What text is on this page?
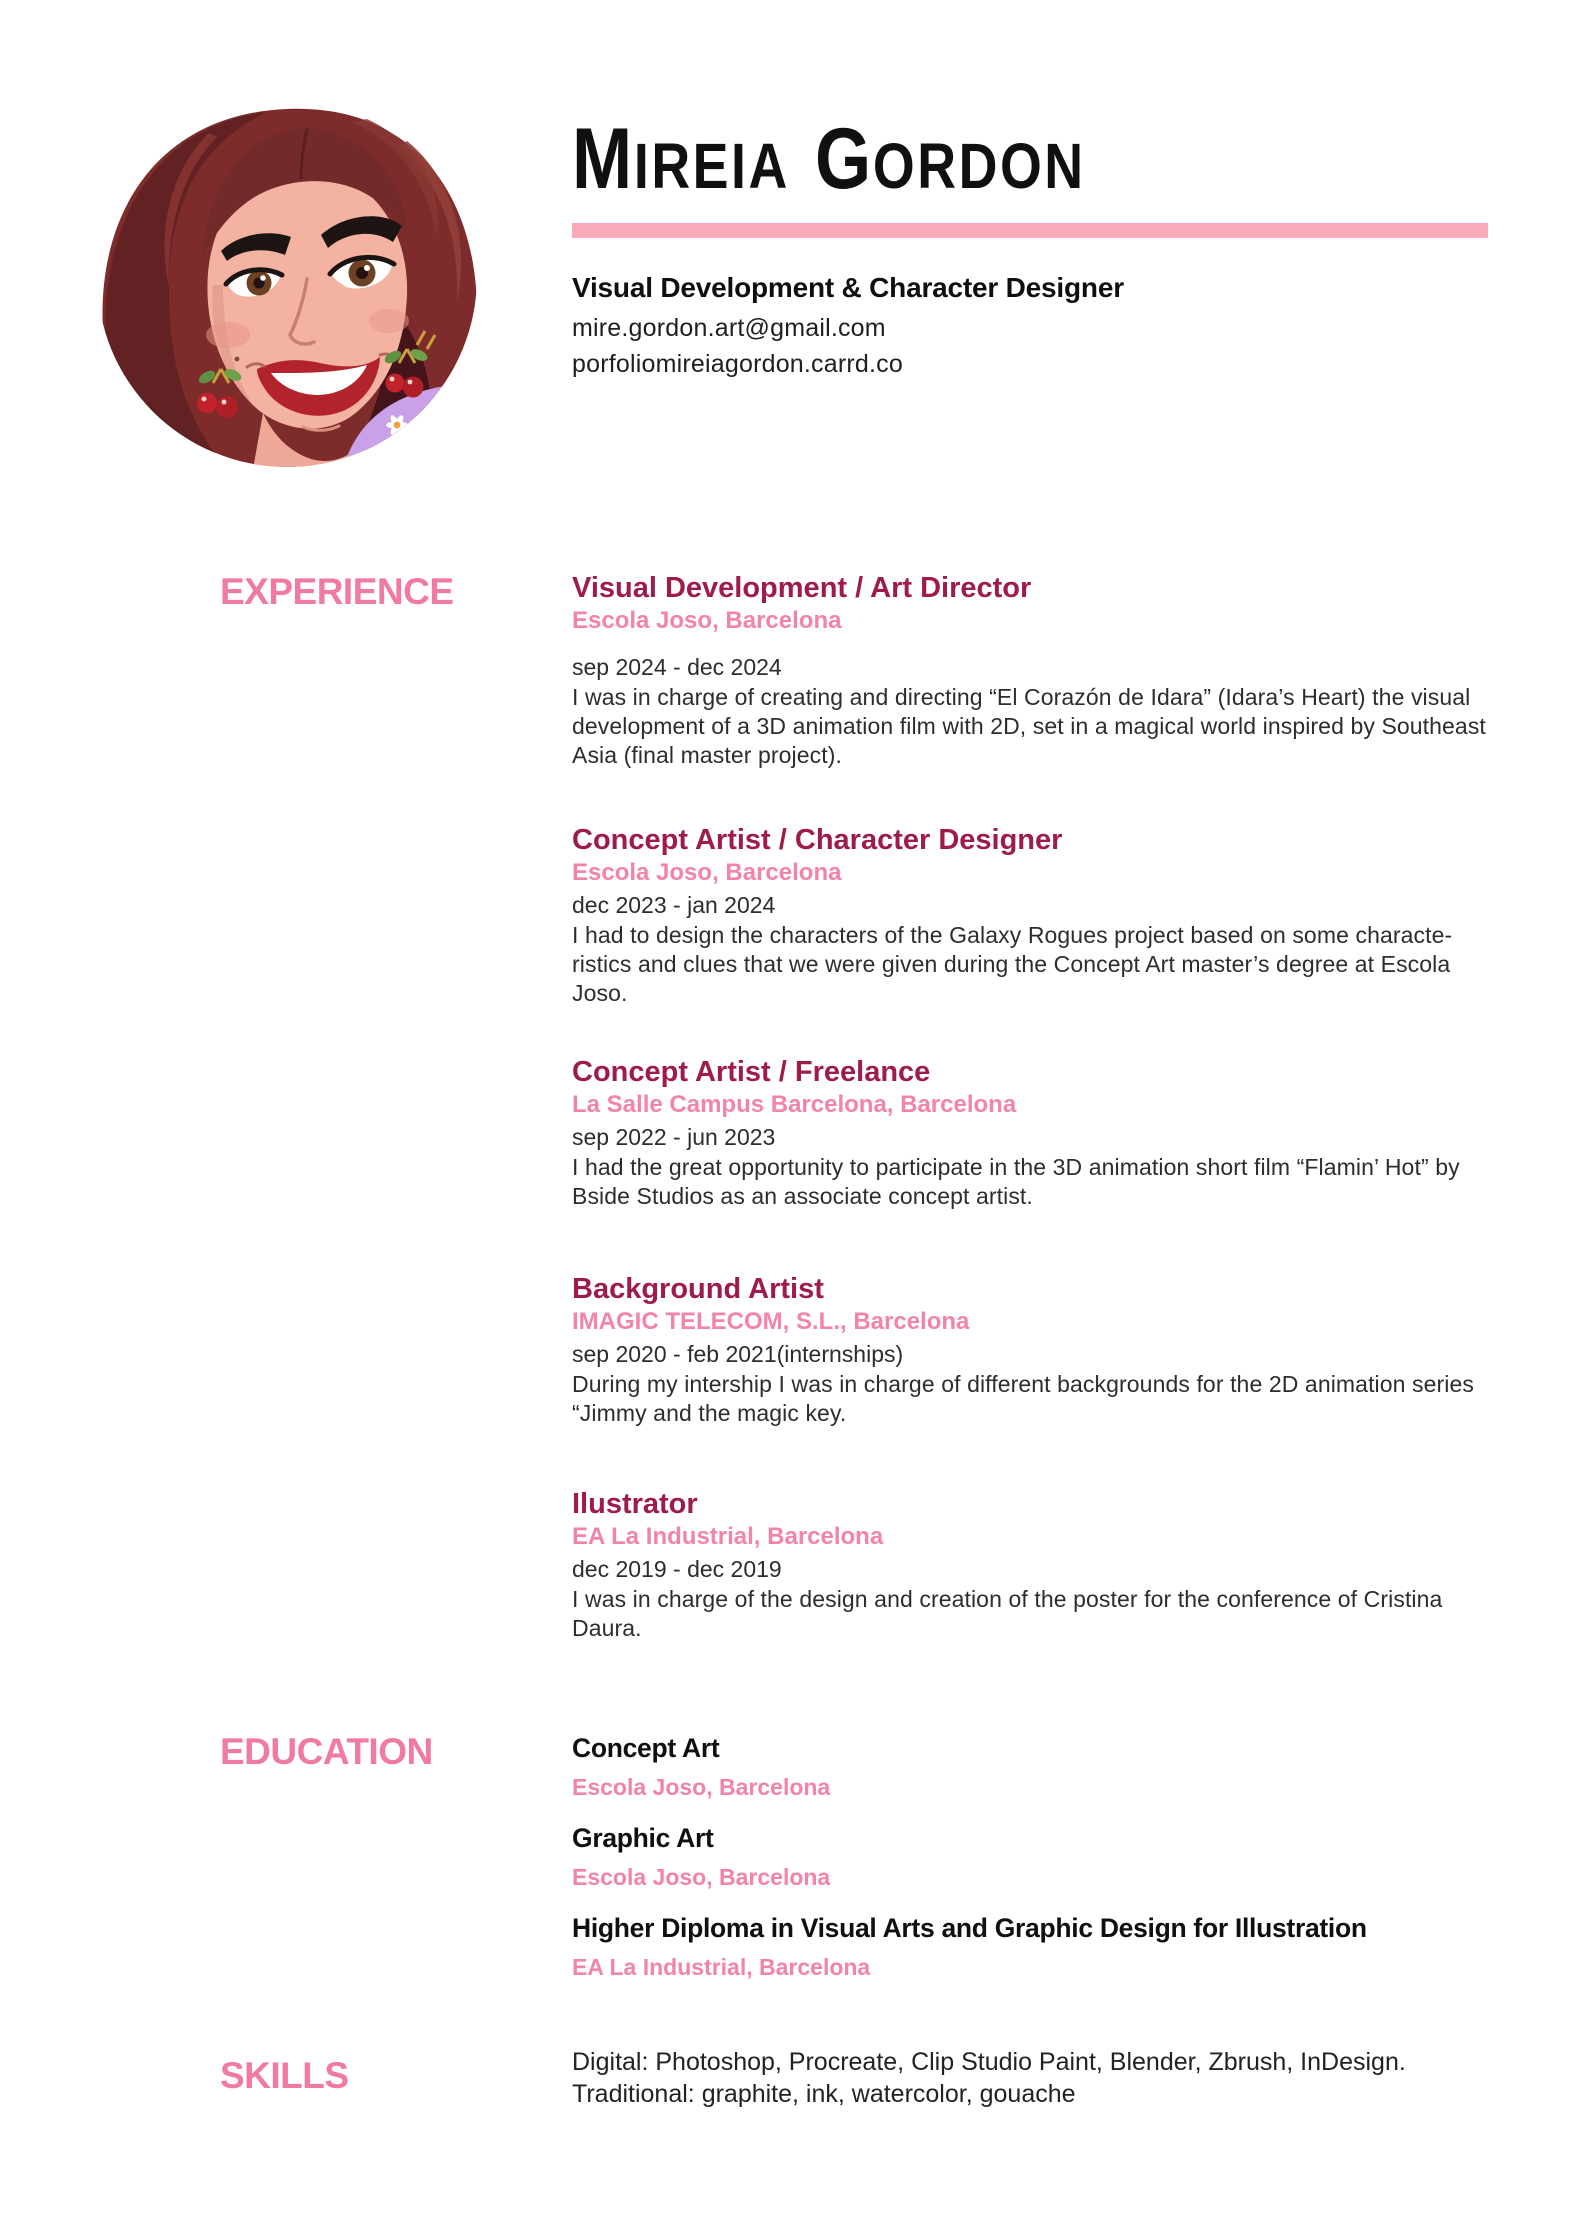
MIREIA GORDON
Visual Development & Character Designer
mire.gordon.art@gmail.com
porfoliomireiagordon.carrd.co
EXPERIENCE	Visual Development / Art Director
Escola Joso, Barcelona
sep 2024 - dec 2024
I was in charge of creating and directing “El Corazón de Idara” (Idara’s Heart) the visual development of a 3D animation film with 2D, set in a magical world inspired by Southeast Asia (final master project).
Concept Artist / Character Designer
Escola Joso, Barcelona
dec 2023 - jan 2024
I had to design the characters of the Galaxy Rogues project based on some characte-ristics and clues that we were given during the Concept Art master’s degree at Escola Joso.
Concept Artist / Freelance
La Salle Campus Barcelona, Barcelona
sep 2022 - jun 2023
I had the great opportunity to participate in the 3D animation short film “Flamin’ Hot” by Bside Studios as an associate concept artist.
Background Artist
IMAGIC TELECOM, S.L., Barcelona
sep 2020 - feb 2021(internships)
During my intership I was in charge of different backgrounds for the 2D animation series “Jimmy and the magic key.
Ilustrator
EA La Industrial, Barcelona
dec 2019 - dec 2019
I was in charge of the design and creation of the poster for the conference of Cristina Daura.
EDUCATION	Concept Art
Escola Joso, Barcelona
Graphic Art
Escola Joso, Barcelona
Higher Diploma in Visual Arts and Graphic Design for Illustration
EA La Industrial, Barcelona
SKILLS	Digital: Photoshop, Procreate, Clip Studio Paint, Blender, Zbrush, InDesign.
Traditional: graphite, ink, watercolor, gouache
